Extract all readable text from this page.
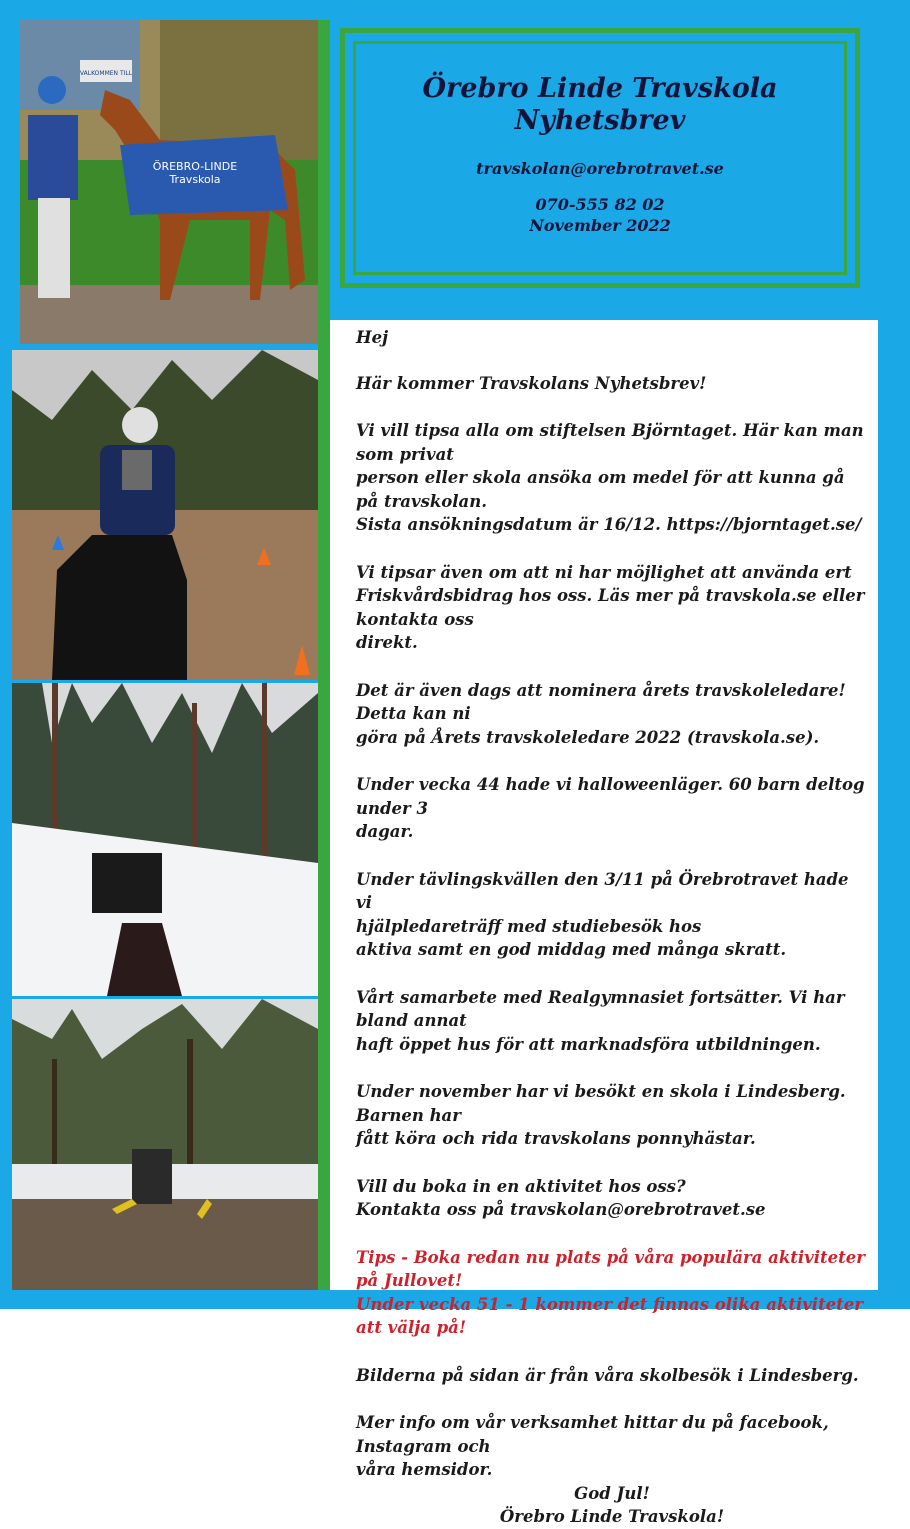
VALKOMMEN TILL
ÖREBRO-LINDE
Travskola
Örebro Linde Travskola
Nyhetsbrev
travskolan@orebrotravet.se
070-555 82 02
November 2022

Hej

Här kommer Travskolans Nyhetsbrev!

Vi vill tipsa alla om stiftelsen Björntaget. Här kan man som privat
person eller skola ansöka om medel för att kunna gå på travskolan.
Sista ansökningsdatum är 16/12. https://bjorntaget.se/

Vi tipsar även om att ni har möjlighet att använda ert
Friskvårdsbidrag hos oss. Läs mer på travskola.se eller kontakta oss
direkt.

Det är även dags att nominera årets travskoleledare! Detta kan ni
göra på Årets travskoleledare 2022 (travskola.se).

Under vecka 44 hade vi halloweenläger. 60 barn deltog under 3
dagar.

Under tävlingskvällen den 3/11 på Örebrotravet hade vi
hjälpledareträff med studiebesök hos
aktiva samt en god middag med många skratt.

Vårt samarbete med Realgymnasiet fortsätter. Vi har bland annat
haft öppet hus för att marknadsföra utbildningen.

Under november har vi besökt en skola i Lindesberg. Barnen har
fått köra och rida travskolans ponnyhästar.

Vill du boka in en aktivitet hos oss?
Kontakta oss på travskolan@orebrotravet.se

Tips - Boka redan nu plats på våra populära aktiviteter på Jullovet!
Under vecka 51 - 1 kommer det finnas olika aktiviteter att välja på!

Bilderna på sidan är från våra skolbesök i Lindesberg.

Mer info om vår verksamhet hittar du på facebook, Instagram och
våra hemsidor.

God Jul!

Örebro Linde Travskola!
